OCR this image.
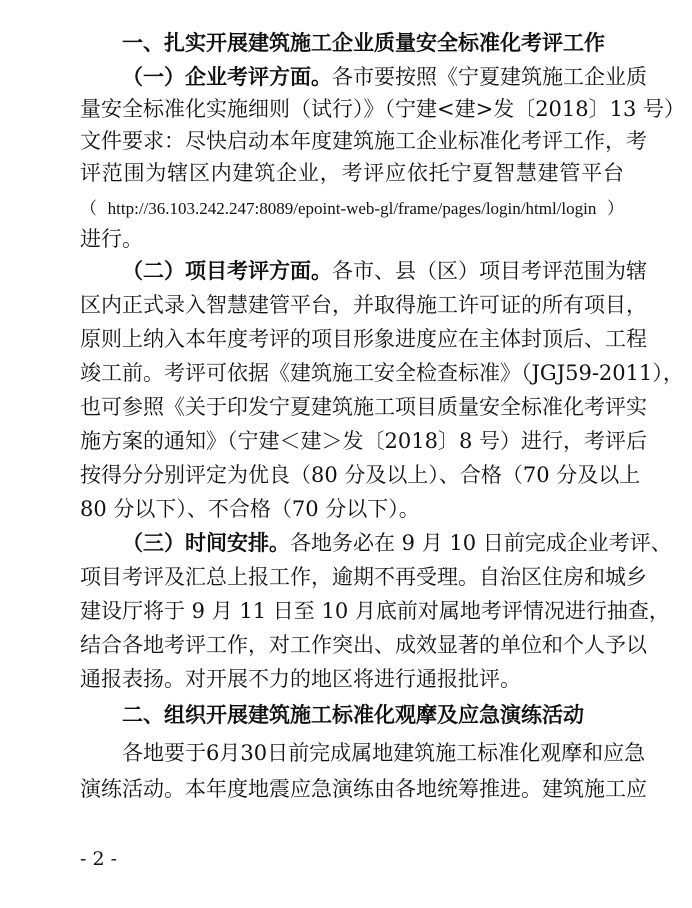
一、扎实开展建筑施工企业质量安全标准化考评工作
（一）企业考评方面。各市要按照《宁夏建筑施工企业质
量安全标准化实施细则（试行）》（宁建<建>发〔2018〕13 号）
文件要求：尽快启动本年度建筑施工企业标准化考评工作，考
评范围为辖区内建筑企业，考评应依托宁夏智慧建管平台
（http://36.103.242.247:8089/epoint-web-gl/frame/pages/login/html/login）
进行。
（二）项目考评方面。各市、县（区）项目考评范围为辖
区内正式录入智慧建管平台，并取得施工许可证的所有项目，
原则上纳入本年度考评的项目形象进度应在主体封顶后、工程
竣工前。考评可依据《建筑施工安全检查标准》（JGJ59-2011），
也可参照《关于印发宁夏建筑施工项目质量安全标准化考评实
施方案的通知》（宁建＜建＞发〔2018〕8 号）进行，考评后
按得分分别评定为优良（80 分及以上）、合格（70 分及以上
80 分以下）、不合格（70 分以下）。
（三）时间安排。各地务必在 9 月 10 日前完成企业考评、
项目考评及汇总上报工作，逾期不再受理。自治区住房和城乡
建设厅将于 9 月 11 日至 10 月底前对属地考评情况进行抽查，
结合各地考评工作，对工作突出、成效显著的单位和个人予以
通报表扬。对开展不力的地区将进行通报批评。
二、组织开展建筑施工标准化观摩及应急演练活动
各地要于6月30日前完成属地建筑施工标准化观摩和应急
演练活动。本年度地震应急演练由各地统筹推进。建筑施工应
- 2 -
